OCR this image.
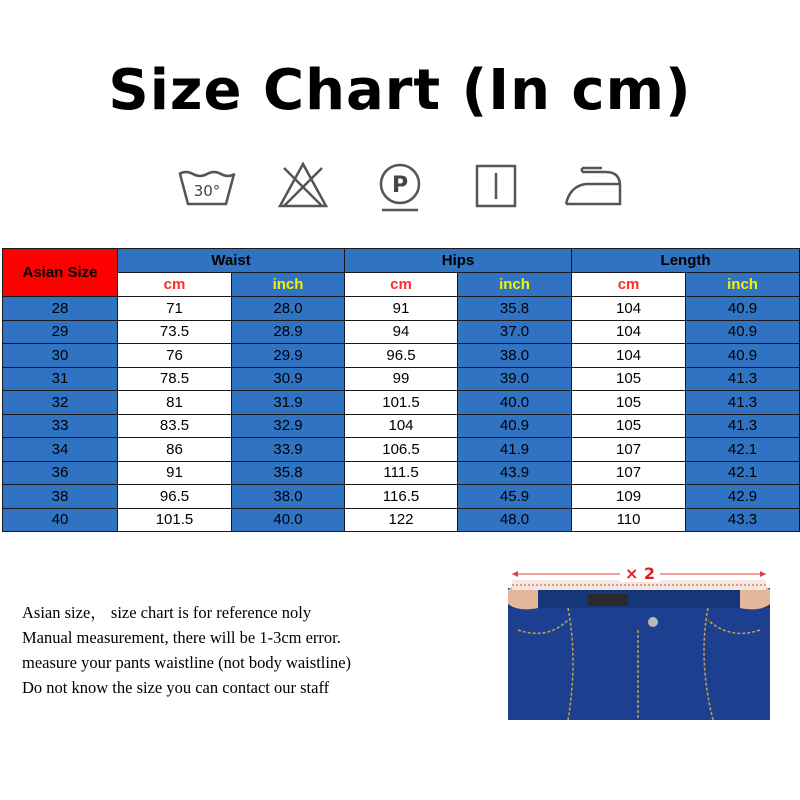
Size Chart (In cm)
30°	P
Asian Size	Waist		Hips		Length	
	cm	inch	cm	inch	cm	inch
28	71	28.0	91	35.8	104	40.9
29	73.5	28.9	94	37.0	104	40.9
30	76	29.9	96.5	38.0	104	40.9
31	78.5	30.9	99	39.0	105	41.3
32	81	31.9	101.5	40.0	105	41.3
33	83.5	32.9	104	40.9	105	41.3
34	86	33.9	106.5	41.9	107	42.1
36	91	35.8	111.5	43.9	107	42.1
38	96.5	38.0	116.5	45.9	109	42.9
40	101.5	40.0	122	48.0	110	43.3
Asian size， size chart is for reference noly
Manual measurement, there will be 1-3cm error.
measure your pants waistline (not body waistline)
Do not know the size you can contact our staff
× 2
